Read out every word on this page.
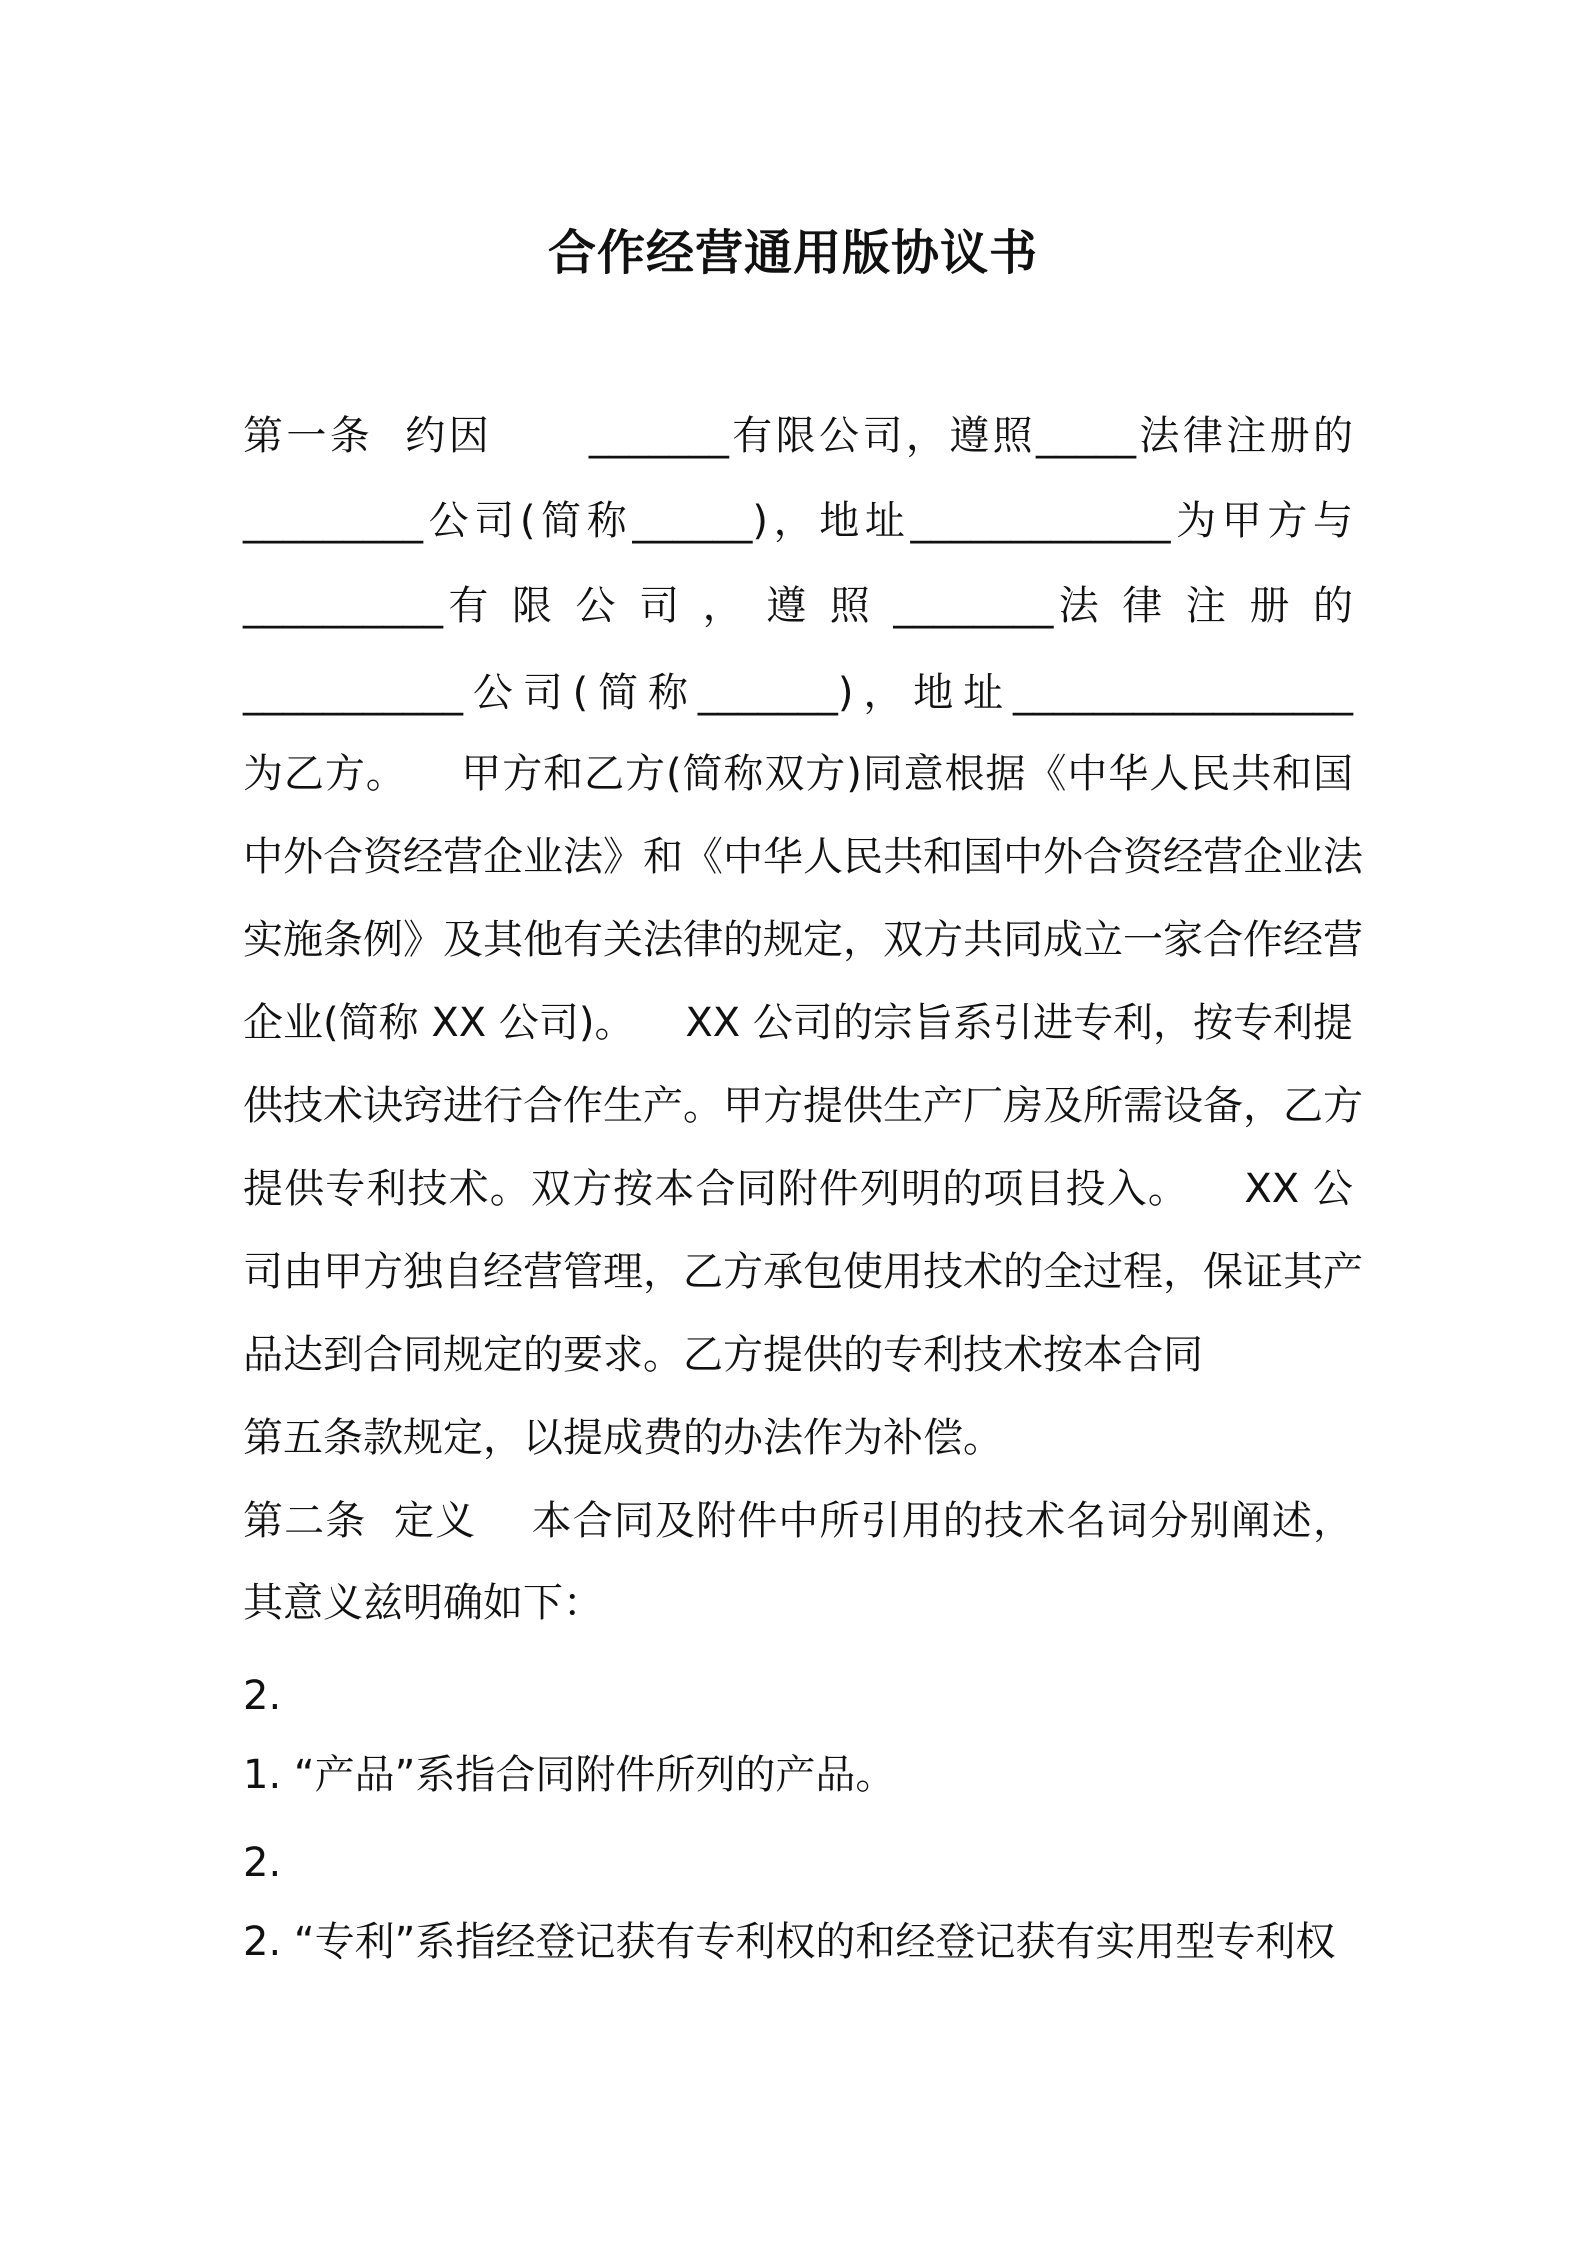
合作经营通用版协议书
第一条  约因      _______有限公司，遵照_____法律注册的
_________公司(简称______)，地址_____________为甲方与
__________有 限 公 司 ， 遵 照 ________法 律 注 册 的
___________公司(简称_______)，地址_________________
为乙方。    甲方和乙方(简称双方)同意根据《中华人民共和国
中外合资经营企业法》和《中华人民共和国中外合资经营企业法
实施条例》及其他有关法律的规定，双方共同成立一家合作经营
企业(简称 XX 公司)。    XX 公司的宗旨系引进专利，按专利提
供技术诀窍进行合作生产。甲方提供生产厂房及所需设备，乙方
提供专利技术。双方按本合同附件列明的项目投入。    XX 公
司由甲方独自经营管理，乙方承包使用技术的全过程，保证其产
品达到合同规定的要求。乙方提供的专利技术按本合同
第五条款规定，以提成费的办法作为补偿。
第二条  定义    本合同及附件中所引用的技术名词分别阐述，
其意义兹明确如下：
2.
1. “产品”系指合同附件所列的产品。
2.
2. “专利”系指经登记获有专利权的和经登记获有实用型专利权
